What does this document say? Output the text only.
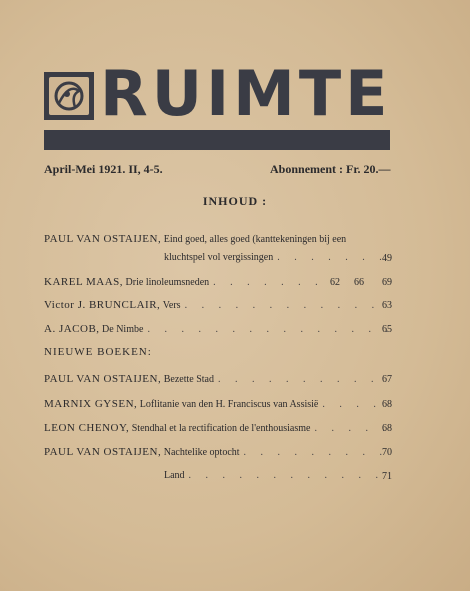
RUIMTE
April-Mei 1921. II, 4-5.	Abonnement : Fr. 20.—
INHOUD :
PAUL VAN OSTAIJEN,
Eind goed, alles goed (kanttekeningen bij een
kluchtspel vol vergissingen . . .	49
KAREL MAAS,
Drie linoleumsneden . . .	62	66	69
Victor J. BRUNCLAIR,
Vers . . .	63
A. JACOB,
De Nimbe . . .	65
NIEUWE BOEKEN:
PAUL VAN OSTAIJEN,
Bezette Stad . . .	67
MARNIX GYSEN,
Loflitanie van den H. Franciscus van Assisië . . .	68
LEON CHENOY,
Stendhal et la rectification de l'enthousiasme . . .	68
PAUL VAN OSTAIJEN,
Nachtelike optocht . . .	70
Land . . .	71
